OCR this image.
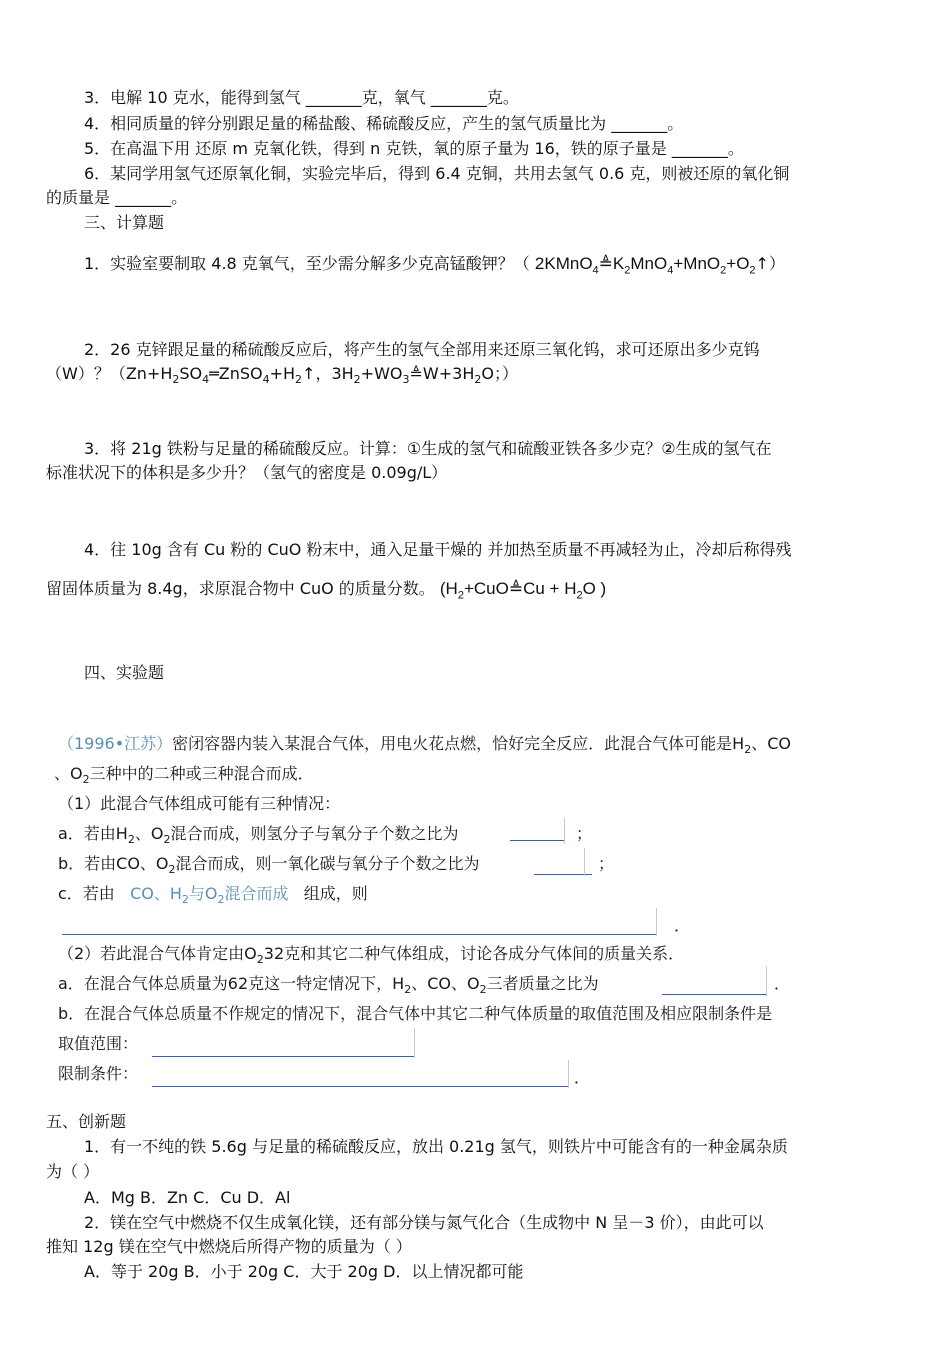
3．电解 10 克水，能得到氢气 _______克，氧气 _______克。
4．相同质量的锌分别跟足量的稀盐酸、稀硫酸反应，产生的氢气质量比为 _______。
5．在高温下用 还原 m 克氧化铁，得到 n 克铁，氧的原子量为 16，铁的原子量是 _______。
6．某同学用氢气还原氧化铜，实验完毕后，得到 6.4 克铜，共用去氢气 0.6 克，则被还原的氧化铜
的质量是 _______。
三、计算题
1．实验室要制取 4.8 克氧气，至少需分解多少克高锰酸钾？（ $2KMnO_4≜K_2MnO_4+MnO_2+O_2↑$）
2．26 克锌跟足量的稀硫酸反应后，将产生的氢气全部用来还原三氧化钨，求可还原出多少克钨
（W）？（$Zn+H_2SO_4═ZnSO_4+H_2↑$，$3H_2+WO_3≜W+3H_2O$；）
3．将 21g 铁粉与足量的稀硫酸反应。计算：①生成的氢气和硫酸亚铁各多少克？②生成的氢气在
标准状况下的体积是多少升？（氢气的密度是 0.09g/L）
4．往 10g 含有 Cu 粉的 CuO 粉末中，通入足量干燥的 并加热至质量不再减轻为止，冷却后称得残
留固体质量为 8.4g，求原混合物中 CuO 的质量分数。 ($H_2+CuO≜Cu + H_2O$ )
四、实验题
（1996•江苏）密闭容器内装入某混合气体，用电火花点燃，恰好完全反应．此混合气体可能是$H_2$、CO
、$O_2$三种中的二种或三种混合而成．
（1）此混合气体组成可能有三种情况：
a．若由$H_2$、$O_2$混合而成，则氢分子与氧分子个数之比为	；
b．若由CO、$O_2$混合而成，则一氧化碳与氧分子个数之比为	；
c．若由 CO、$H_2$与$O_2$混合而成 组成，则
．
（2）若此混合气体肯定由$O_232$克和其它二种气体组成，讨论各成分气体间的质量关系．
a．在混合气体总质量为62克这一特定情况下，$H_2$、CO、$O_2$三者质量之比为	．
b．在混合气体总质量不作规定的情况下，混合气体中其它二种气体质量的取值范围及相应限制条件是
取值范围：
限制条件：	．
五、创新题
1．有一不纯的铁 5.6g 与足量的稀硫酸反应，放出 0.21g 氢气，则铁片中可能含有的一种金属杂质
为（ ）
A．Mg B．Zn C．Cu D．Al
2．镁在空气中燃烧不仅生成氧化镁，还有部分镁与氮气化合（生成物中 N 呈－3 价），由此可以
推知 12g 镁在空气中燃烧后所得产物的质量为（ ）
A．等于 20g B．小于 20g C．大于 20g D．以上情况都可能
